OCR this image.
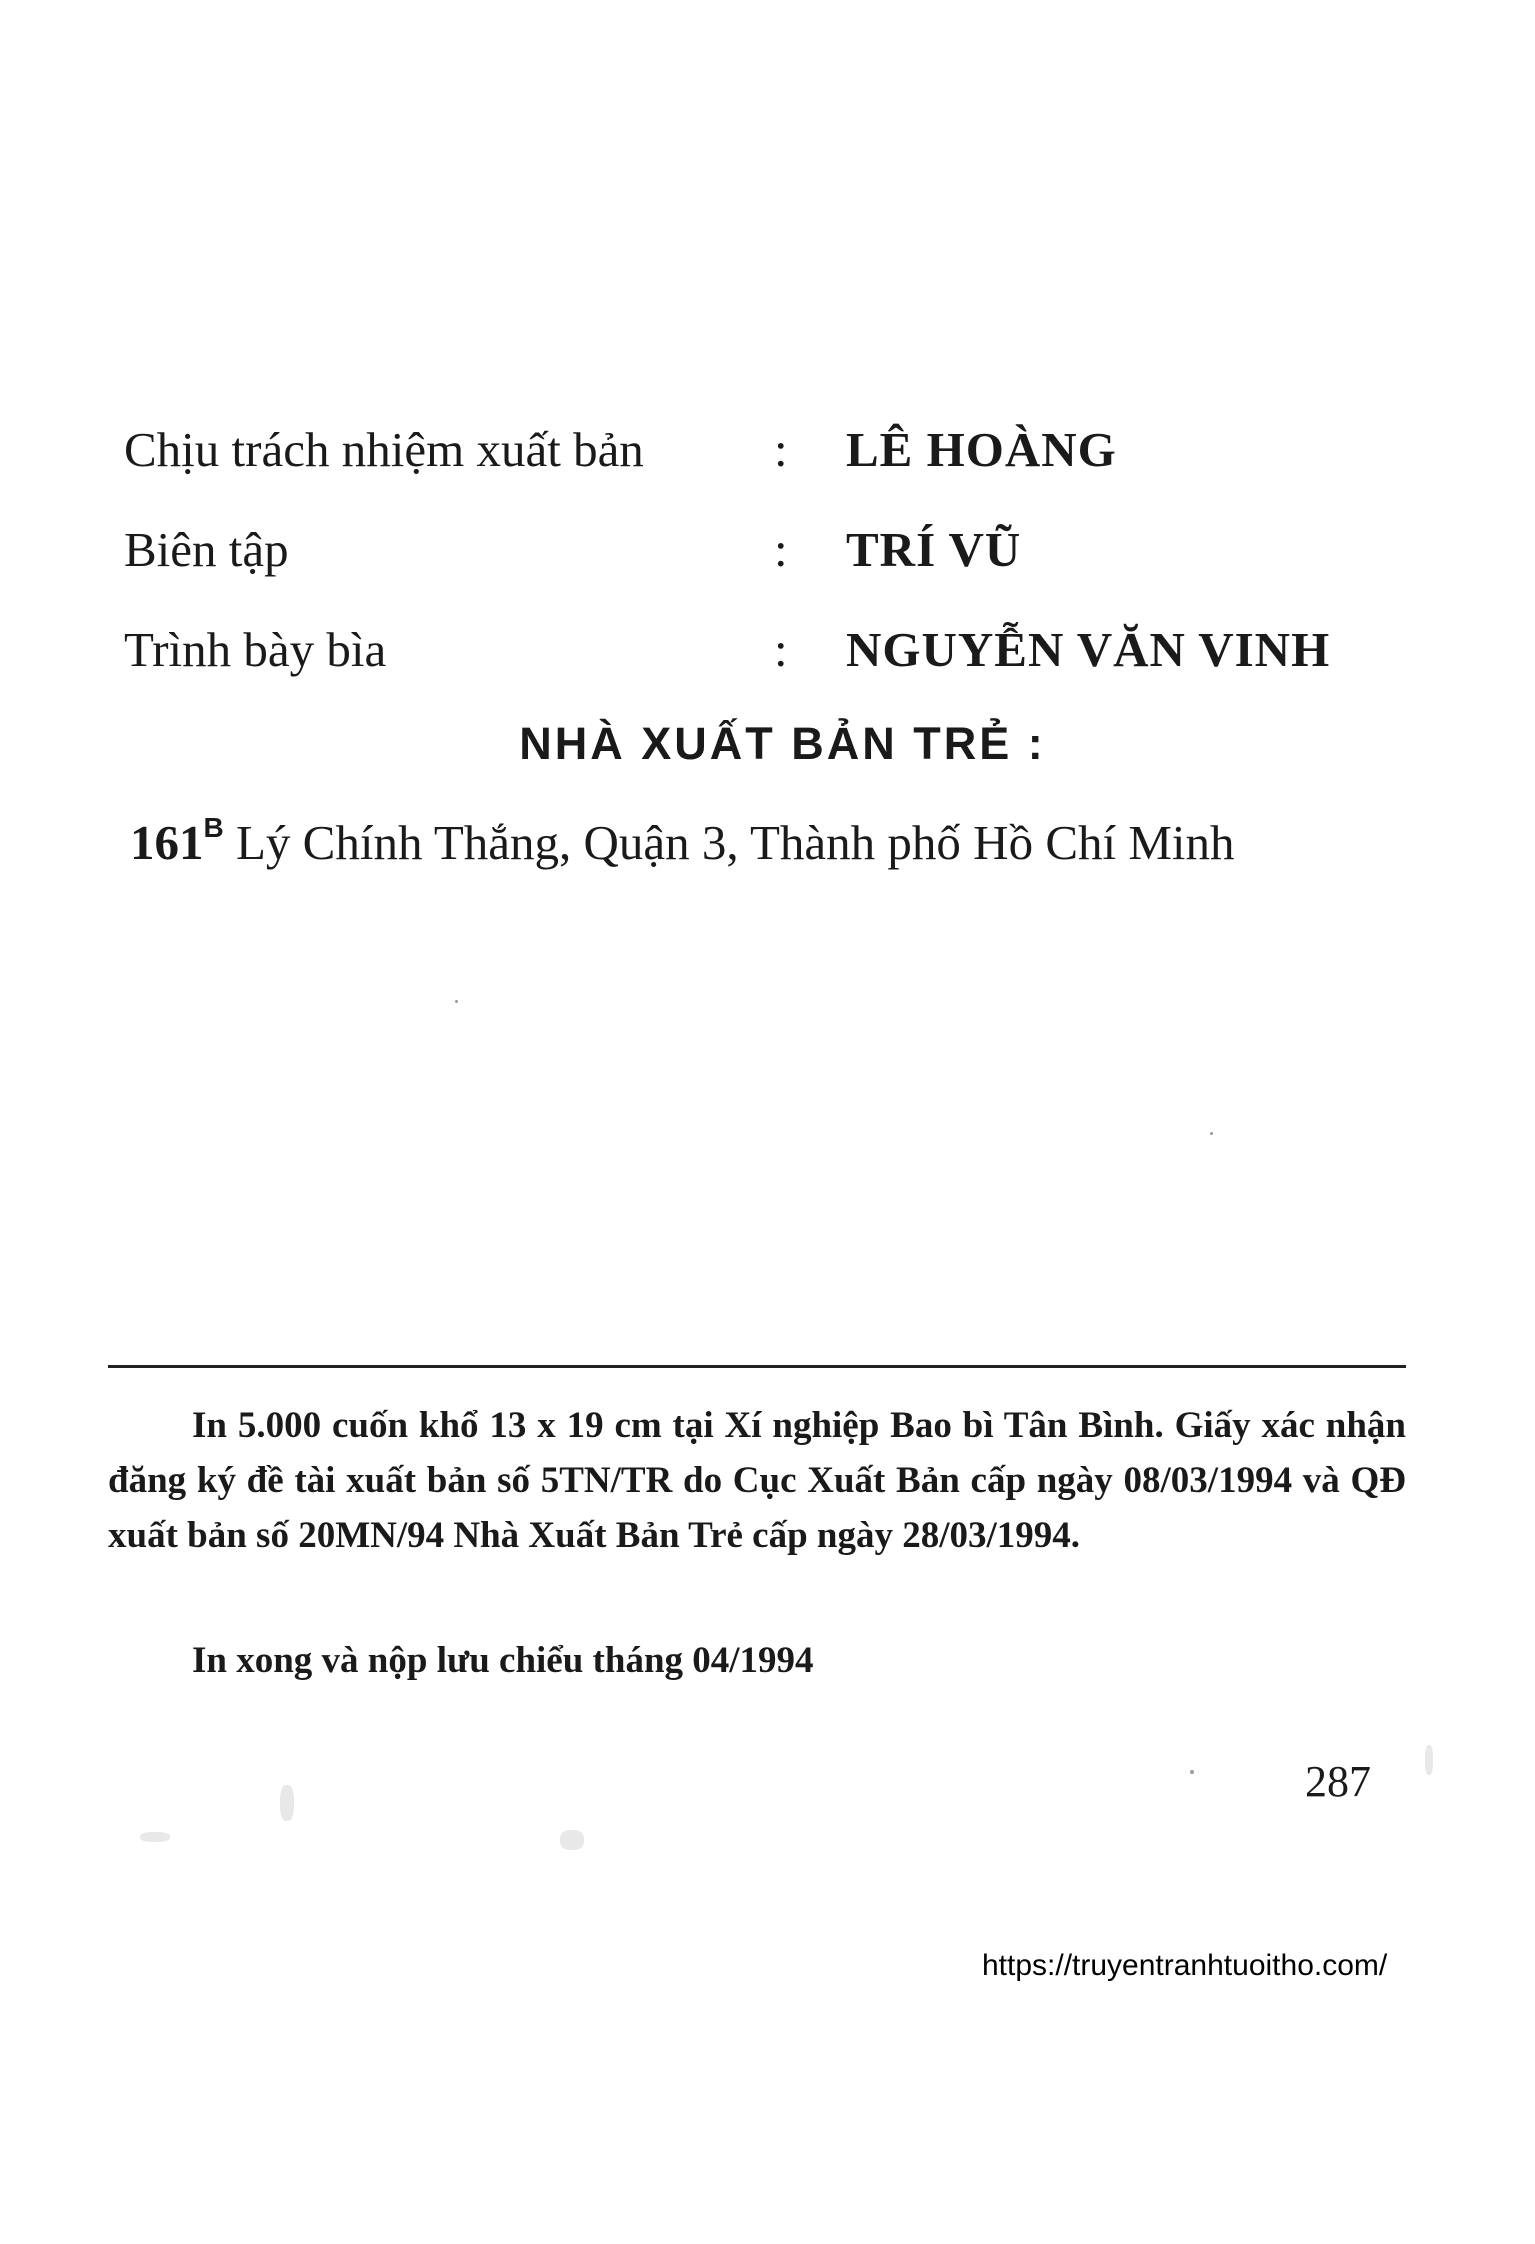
Chịu trách nhiệm xuất bản	: LÊ HOÀNG
Biên tập	: TRÍ VŨ
Trình bày bìa	: NGUYỄN VĂN VINH
NHÀ XUẤT BẢN TRẺ :
$161^B$ Lý Chính Thắng, Quận 3, Thành phố Hồ Chí Minh
In 5.000 cuốn khổ 13 x 19 cm tại Xí nghiệp Bao bì Tân Bình. Giấy xác nhận đăng ký đề tài xuất bản số 5TN/TR do Cục Xuất Bản cấp ngày 08/03/1994 và QĐ xuất bản số 20MN/94 Nhà Xuất Bản Trẻ cấp ngày 28/03/1994.
In xong và nộp lưu chiểu tháng 04/1994
287
https://truyentranhtuoitho.com/
